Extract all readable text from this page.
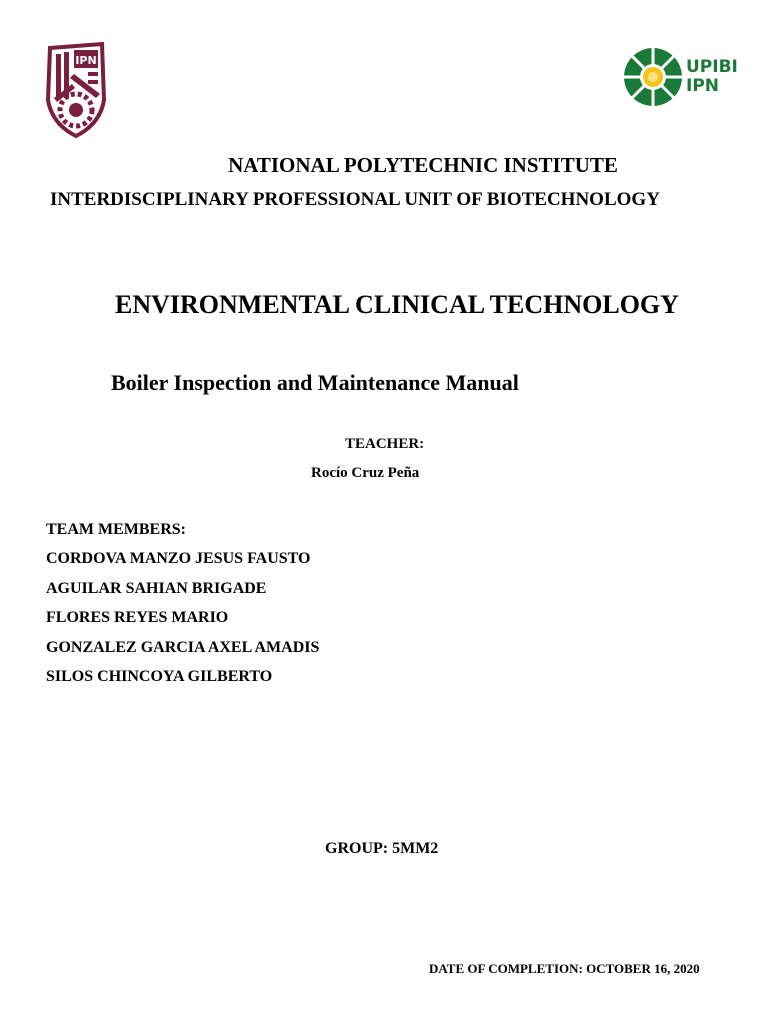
IPN	UPIBI
IPN
NATIONAL POLYTECHNIC INSTITUTE
INTERDISCIPLINARY PROFESSIONAL UNIT OF BIOTECHNOLOGY
ENVIRONMENTAL CLINICAL TECHNOLOGY
Boiler Inspection and Maintenance Manual
TEACHER:
Rocío Cruz Peña
TEAM MEMBERS:
CORDOVA MANZO JESUS FAUSTO
AGUILAR SAHIAN BRIGADE
FLORES REYES MARIO
GONZALEZ GARCIA AXEL AMADIS
SILOS CHINCOYA GILBERTO
GROUP: 5MM2
DATE OF COMPLETION: OCTOBER 16, 2020
